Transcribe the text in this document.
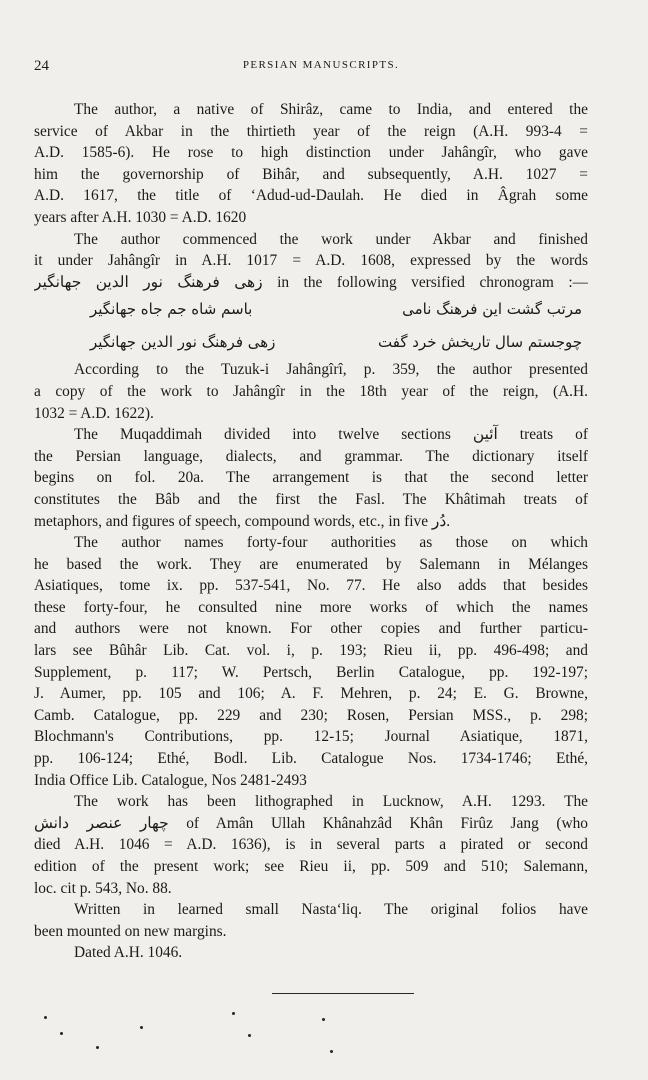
24	PERSIAN MANUSCRIPTS.
The author, a native of Shirâz, came to India, and entered the
service of Akbar in the thirtieth year of the reign (A.H. 993-4 =
A.D. 1585-6). He rose to high distinction under Jahângîr, who gave
him the governorship of Bihâr, and subsequently, A.H. 1027 =
A.D. 1617, the title of ‘Adud-ud-Daulah. He died in Âgrah some
years after A.H. 1030 = A.D. 1620
The author commenced the work under Akbar and finished
it under Jahângîr in A.H. 1017 = A.D. 1608, expressed by the words
زهی فرهنگ نور الدین جهانگیر in the following versified chronogram :—
مرتب گشت این فرهنگ نامی
باسم شاه جم جاه جهانگیر
چوجستم سال تاریخش خرد گفت
زهی فرهنگ نور الدین جهانگیر
According to the Tuzuk-i Jahângîrî, p. 359, the author presented
a copy of the work to Jahângîr in the 18th year of the reign, (A.H.
1032 = A.D. 1622).
The Muqaddimah divided into twelve sections آئین treats of
the Persian language, dialects, and grammar. The dictionary itself
begins on fol. 20a. The arrangement is that the second letter
constitutes the Bâb and the first the Fasl. The Khâtimah treats of
metaphors, and figures of speech, compound words, etc., in five دُر.
The author names forty-four authorities as those on which
he based the work. They are enumerated by Salemann in Mélanges
Asiatiques, tome ix. pp. 537-541, No. 77. He also adds that besides
these forty-four, he consulted nine more works of which the names
and authors were not known. For other copies and further particu-
lars see Bûhâr Lib. Cat. vol. i, p. 193; Rieu ii, pp. 496-498; and
Supplement, p. 117; W. Pertsch, Berlin Catalogue, pp. 192-197;
J. Aumer, pp. 105 and 106; A. F. Mehren, p. 24; E. G. Browne,
Camb. Catalogue, pp. 229 and 230; Rosen, Persian MSS., p. 298;
Blochmann's Contributions, pp. 12-15; Journal Asiatique, 1871,
pp. 106-124; Ethé, Bodl. Lib. Catalogue Nos. 1734-1746; Ethé,
India Office Lib. Catalogue, Nos 2481-2493
The work has been lithographed in Lucknow, A.H. 1293. The
چهار عنصر دانش of Amân Ullah Khânahzâd Khân Firûz Jang (who
died A.H. 1046 = A.D. 1636), is in several parts a pirated or second
edition of the present work; see Rieu ii, pp. 509 and 510; Salemann,
loc. cit p. 543, No. 88.
Written in learned small Nasta‘liq. The original folios have
been mounted on new margins.
Dated A.H. 1046.
